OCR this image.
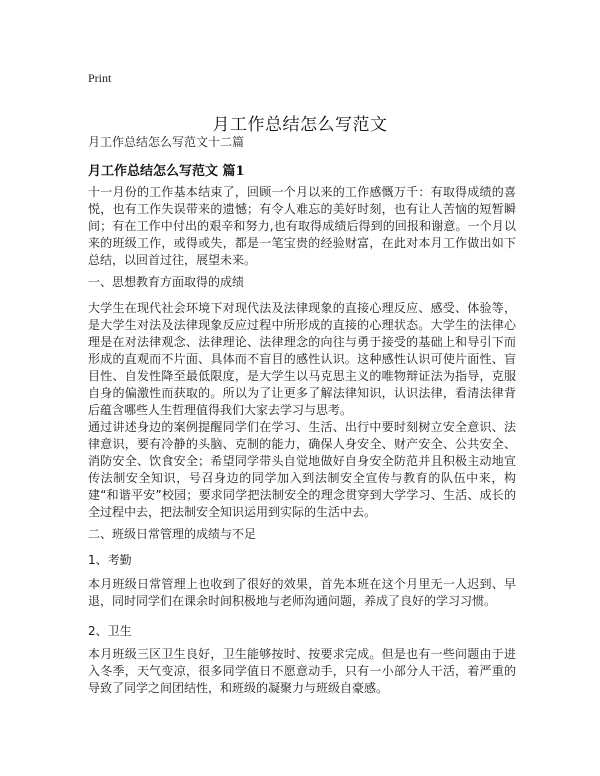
Print
月工作总结怎么写范文
月工作总结怎么写范文十二篇
月工作总结怎么写范文 篇1

十一月份的工作基本结束了，回顾一个月以来的工作感慨万千：有取得成绩的喜悦，也有工作失误带来的遗憾；有令人难忘的美好时刻，也有让人苦恼的短暂瞬间；有在工作中付出的艰辛和努力,也有取得成绩后得到的回报和谢意。一个月以来的班级工作，或得或失，都是一笔宝贵的经验财富，在此对本月工作做出如下总结，以回首过往，展望未来。

一、思想教育方面取得的成绩

大学生在现代社会环境下对现代法及法律现象的直接心理反应、感受、体验等，是大学生对法及法律现象反应过程中所形成的直接的心理状态。大学生的法律心理是在对法律观念、法律理论、法律理念的向往与勇于接受的基础上和导引下而形成的直观而不片面、具体而不盲目的感性认识。这种感性认识可使片面性、盲目性、自发性降至最低限度，是大学生以马克思主义的唯物辩证法为指导，克服自身的偏激性而获取的。所以为了让更多了解法律知识，认识法律，看清法律背后蕴含哪些人生哲理值得我们大家去学习与思考。

通过讲述身边的案例提醒同学们在学习、生活、出行中要时刻树立安全意识、法律意识，要有冷静的头脑、克制的能力，确保人身安全、财产安全、公共安全、消防安全、饮食安全；希望同学带头自觉地做好自身安全防范并且积极主动地宣传法制安全知识，号召身边的同学加入到法制安全宣传与教育的队伍中来，构建“和谐平安”校园；要求同学把法制安全的理念贯穿到大学学习、生活、成长的全过程中去，把法制安全知识运用到实际的生活中去。

二、班级日常管理的成绩与不足
1、考勤

本月班级日常管理上也收到了很好的效果，首先本班在这个月里无一人迟到、早退，同时同学们在课余时间积极地与老师沟通问题，养成了良好的学习习惯。

2、卫生

本月班级三区卫生良好，卫生能够按时、按要求完成。但是也有一些问题由于进入冬季，天气变凉，很多同学值日不愿意动手，只有一小部分人干活，着严重的导致了同学之间团结性，和班级的凝聚力与班级自豪感。
